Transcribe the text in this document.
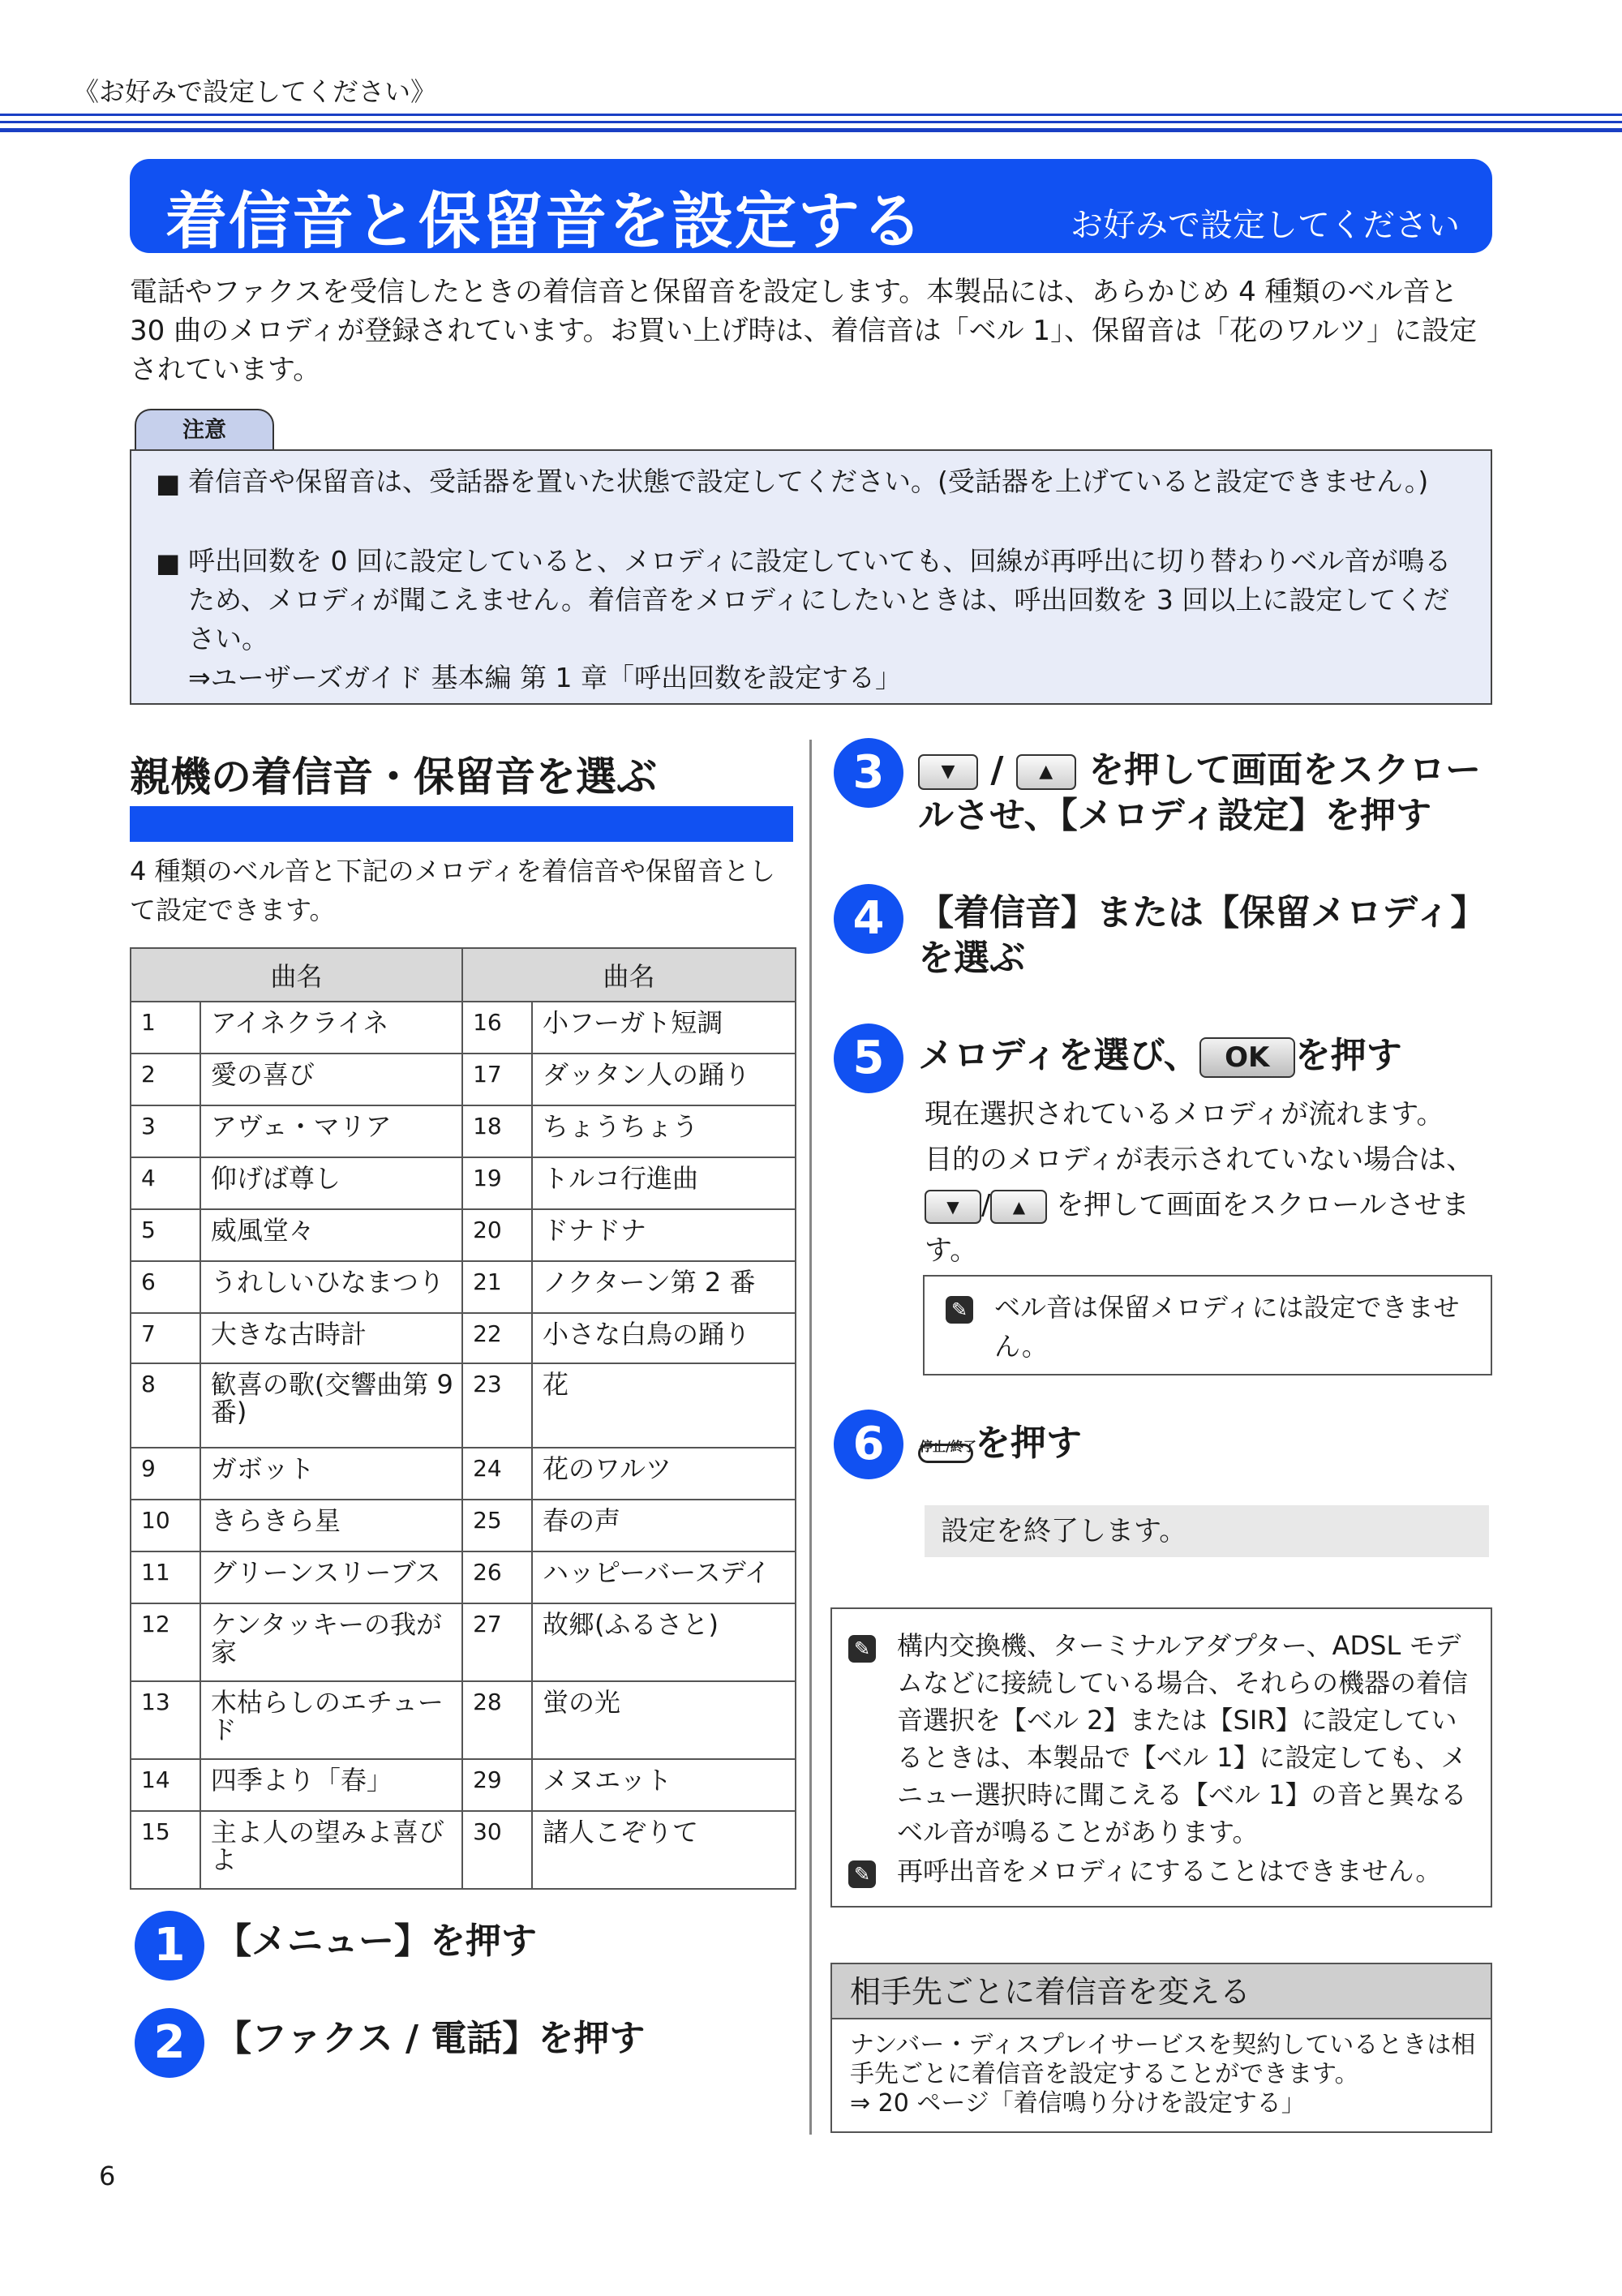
《お好みで設定してください》
着信音と保留音を設定する	お好みで設定してください
電話やファクスを受信したときの着信音と保留音を設定します。本製品には、あらかじめ 4 種類のベル音と 30 曲のメロディが登録されています。お買い上げ時は、着信音は「ベル 1」、保留音は「花のワルツ」に設定されています。
注意
■ 着信音や保留音は、受話器を置いた状態で設定してください。(受話器を上げていると設定できません。)
■ 呼出回数を 0 回に設定していると、メロディに設定していても、回線が再呼出に切り替わりベル音が鳴るため、メロディが聞こえません。着信音をメロディにしたいときは、呼出回数を 3 回以上に設定してください。
⇒ユーザーズガイド 基本編 第 1 章「呼出回数を設定する」
親機の着信音・保留音を選ぶ
4 種類のベル音と下記のメロディを着信音や保留音として設定できます。
曲名		曲名	
1	アイネクライネ	16	小フーガト短調
2	愛の喜び	17	ダッタン人の踊り
3	アヴェ・マリア	18	ちょうちょう
4	仰げば尊し	19	トルコ行進曲
5	威風堂々	20	ドナドナ
6	うれしいひなまつり	21	ノクターン第 2 番
7	大きな古時計	22	小さな白鳥の踊り
8	歓喜の歌(交響曲第 9 番)	23	花
9	ガボット	24	花のワルツ
10	きらきら星	25	春の声
11	グリーンスリーブス	26	ハッピーバースデイ
12	ケンタッキーの我が家	27	故郷(ふるさと)
13	木枯らしのエチュード	28	蛍の光
14	四季より「春」	29	メヌエット
15	主よ人の望みよ喜びよ	30	諸人こぞりて
1 【メニュー】を押す
2 【ファクス / 電話】を押す
3	▼ / ▲ を押して画面をスクロー
ルさせ、【メロディ設定】を押す
4 【着信音】または【保留メロディ】
を選ぶ
5 メロディを選び、 OK を押す
現在選択されているメロディが流れます。
目的のメロディが表示されていない場合は、
▼ / ▲ を押して画面をスクロールさせます。
✎ ベル音は保留メロディには設定できません。
6	停止/終了
を押す
設定を終了します。
✎	構内交換機、ターミナルアダプター、ADSL モデムなどに接続している場合、それらの機器の着信音選択を【ベル 2】または【SIR】に設定しているときは、本製品で【ベル 1】に設定しても、メニュー選択時に聞こえる【ベル 1】の音と異なるベル音が鳴ることがあります。
✎	再呼出音をメロディにすることはできません。
相手先ごとに着信音を変える
ナンバー・ディスプレイサービスを契約しているときは相手先ごとに着信音を設定することができます。
⇒ 20 ページ「着信鳴り分けを設定する」
6
